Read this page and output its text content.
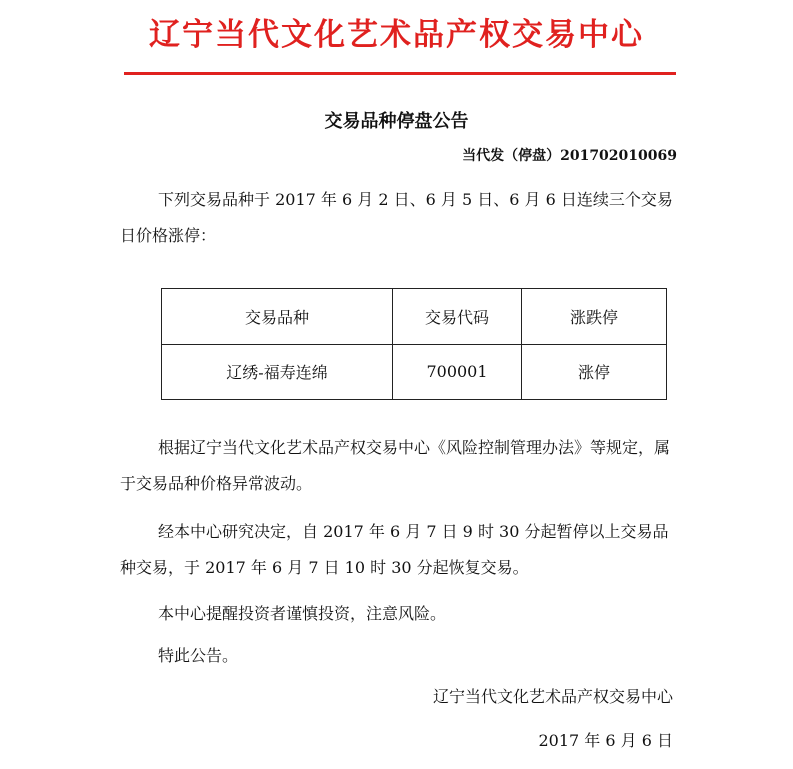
辽宁当代文化艺术品产权交易中心
交易品种停盘公告
当代发（停盘）201702010069

下列交易品种于 2017 年 6 月 2 日、6 月 5 日、6 月 6 日连续三个交易日价格涨停：

交易品种	交易代码	涨跌停
辽绣-福寿连绵	700001	涨停

根据辽宁当代文化艺术品产权交易中心《风险控制管理办法》等规定，属于交易品种价格异常波动。

经本中心研究决定，自 2017 年 6 月 7 日 9 时 30 分起暂停以上交易品种交易，于 2017 年 6 月 7 日 10 时 30 分起恢复交易。

本中心提醒投资者谨慎投资，注意风险。

特此公告。

辽宁当代文化艺术品产权交易中心
2017 年 6 月 6 日
